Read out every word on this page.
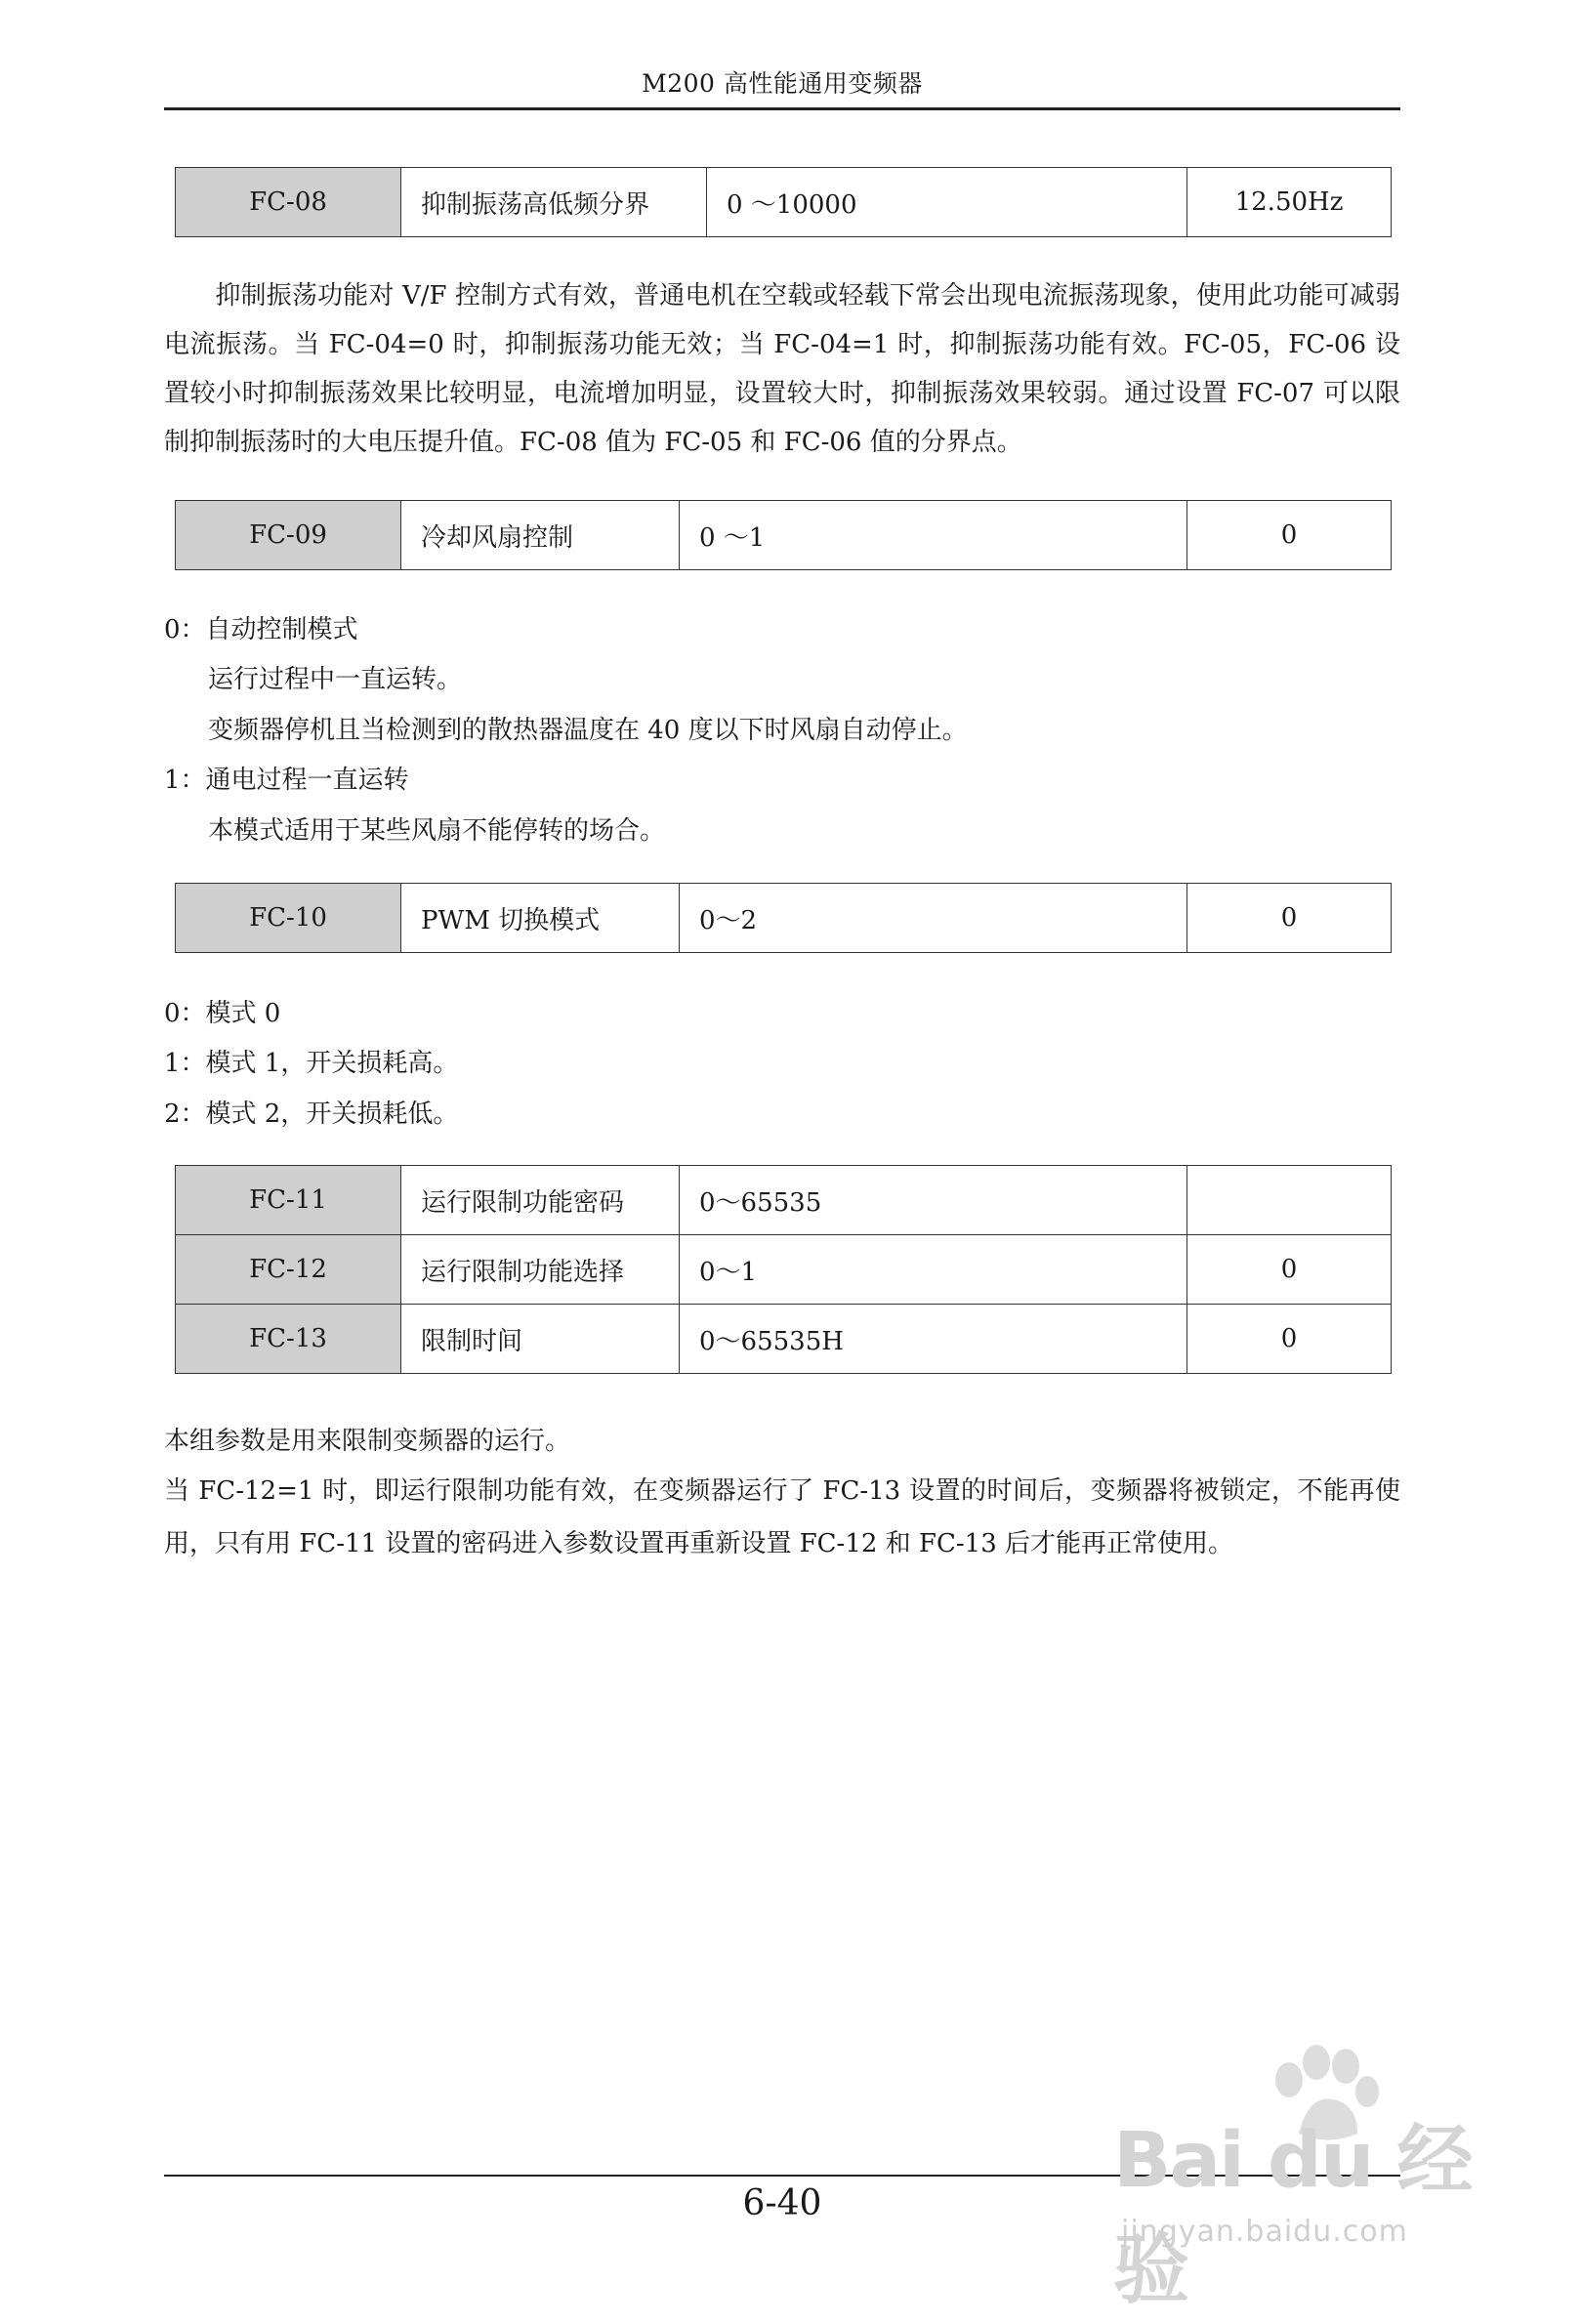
M200 高性能通用变频器
FC-08	抑制振荡高低频分界	0 ～10000	12.50Hz
　　抑制振荡功能对 V/F 控制方式有效，普通电机在空载或轻载下常会出现电流振荡现象，使用此功能可减弱电流振荡。当 FC-04=0 时，抑制振荡功能无效；当 FC-04=1 时，抑制振荡功能有效。FC-05，FC-06 设置较小时抑制振荡效果比较明显，电流增加明显，设置较大时，抑制振荡效果较弱。通过设置 FC-07 可以限制抑制振荡时的大电压提升值。FC-08 值为 FC-05 和 FC-06 值的分界点。
FC-09	冷却风扇控制	0 ～1	0
0：自动控制模式
运行过程中一直运转。
变频器停机且当检测到的散热器温度在 40 度以下时风扇自动停止。
1：通电过程一直运转
本模式适用于某些风扇不能停转的场合。
FC-10	PWM 切换模式	0～2	0
0：模式 0
1：模式 1，开关损耗高。
2：模式 2，开关损耗低。
FC-11	运行限制功能密码	0～65535	
FC-12	运行限制功能选择	0～1	0
FC-13	限制时间	0～65535H	0
本组参数是用来限制变频器的运行。
当 FC-12=1 时，即运行限制功能有效，在变频器运行了 FC-13 设置的时间后，变频器将被锁定，不能再使用，只有用 FC-11 设置的密码进入参数设置再重新设置 FC-12 和 FC-13 后才能再正常使用。
6-40	Bai du 经验
jingyan.baidu.com
